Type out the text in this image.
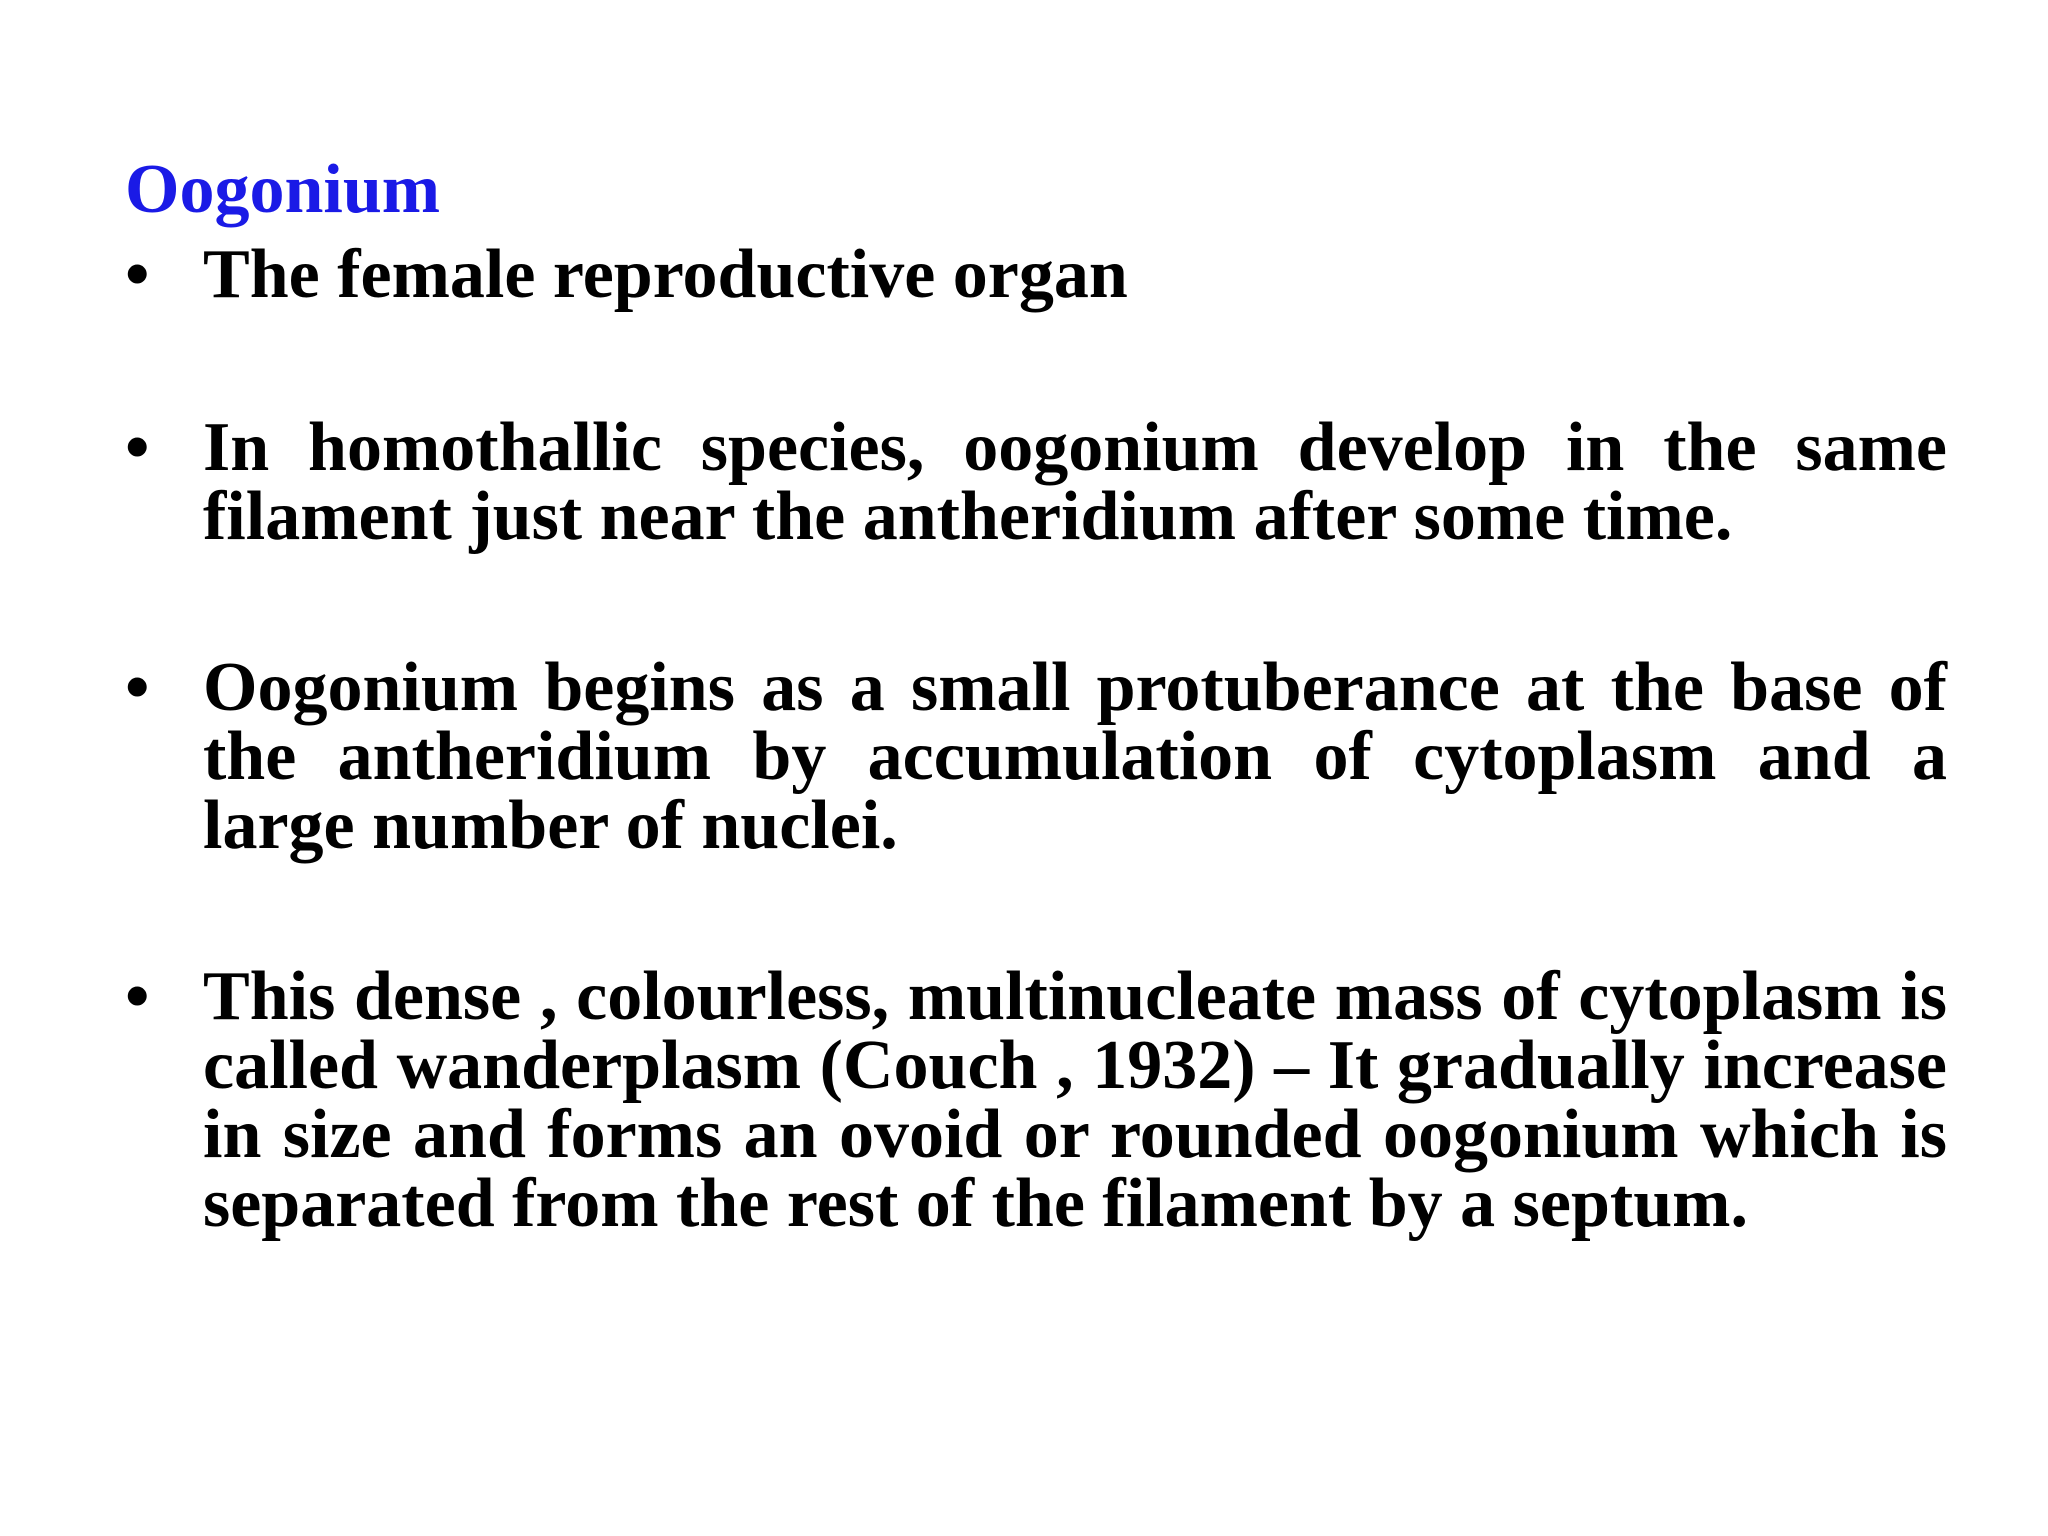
Oogonium
• The female reproductive organ
• In homothallic species, oogonium develop in the same filament just near the antheridium after some time.
• Oogonium begins as a small protuberance at the base of the antheridium by accumulation of cytoplasm and a large number of nuclei.
• This dense , colourless, multinucleate mass of cytoplasm is called wanderplasm (Couch , 1932) – It gradually increase in size and forms an ovoid or rounded oogonium which is separated from the rest of the filament by a septum.
